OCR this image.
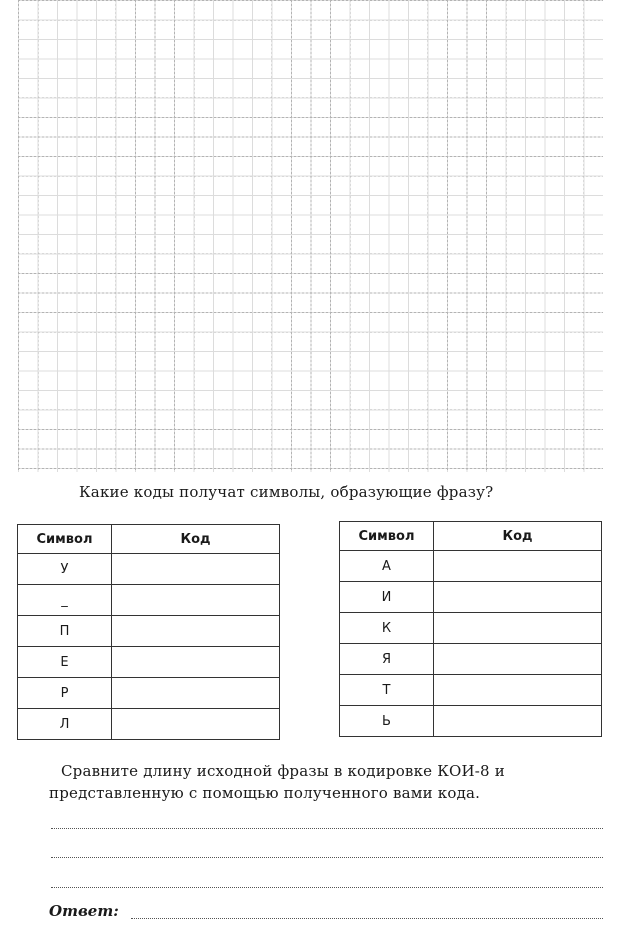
Какие коды получат символы, образующие фразу?
Символ	Код
У	
_	
П	
Е	
Р	
Л	
Символ	Код
А	
И	
К	
Я	
Т	
Ь	
Сравните длину исходной фразы в кодировке КОИ-8 и представленную с помощью полученного вами кода.
Ответ:
